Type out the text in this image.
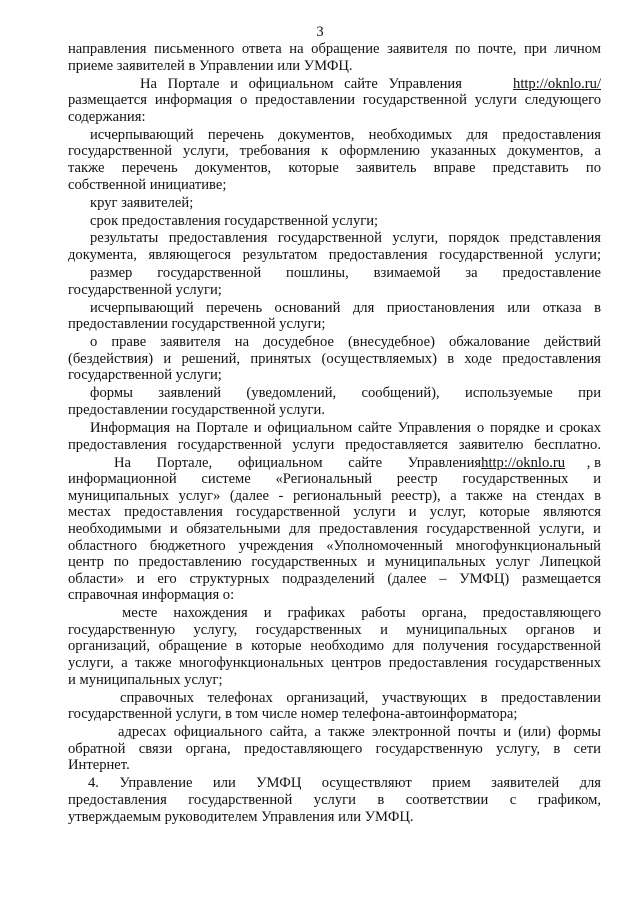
3
направления письменного ответа на обращение заявителя по почте, при личном
приеме заявителей в Управлении или УМФЦ.
На Портале и официальном сайте Управления	http://oknlo.ru/
размещается информация о предоставлении государственной услуги следующего
содержания:
исчерпывающий перечень документов, необходимых для предоставления
государственной услуги, требования к оформлению указанных документов, а
также перечень документов, которые заявитель вправе представить по
собственной инициативе;
круг заявителей;
срок предоставления государственной услуги;
результаты предоставления государственной услуги, порядок представления
документа, являющегося результатом предоставления государственной услуги;
размер государственной пошлины, взимаемой за предоставление
государственной услуги;
исчерпывающий перечень оснований для приостановления или отказа в
предоставлении государственной услуги;
о праве заявителя на досудебное (внесудебное) обжалование действий
(бездействия) и решений, принятых (осуществляемых) в ходе предоставления
государственной услуги;
формы заявлений (уведомлений, сообщений), используемые при
предоставлении государственной услуги.
Информация на Портале и официальном сайте Управления о порядке и сроках
предоставления государственной услуги предоставляется заявителю бесплатно.
На Портале, официальном сайте Управления http://oknlo.ru , в
информационной системе «Региональный реестр государственных и
муниципальных услуг» (далее - региональный реестр), а также на стендах в
местах предоставления государственной услуги и услуг, которые являются
необходимыми и обязательными для предоставления государственной услуги, и
областного бюджетного учреждения «Уполномоченный многофункциональный
центр по предоставлению государственных и муниципальных услуг Липецкой
области» и его структурных подразделений (далее – УМФЦ) размещается
справочная информация о:
месте нахождения и графиках работы органа, предоставляющего
государственную услугу, государственных и муниципальных органов и
организаций, обращение в которые необходимо для получения государственной
услуги, а также многофункциональных центров предоставления государственных
и муниципальных услуг;
справочных телефонах организаций, участвующих в предоставлении
государственной услуги, в том числе номер телефона-автоинформатора;
адресах официального сайта, а также электронной почты и (или) формы
обратной связи органа, предоставляющего государственную услугу, в сети
Интернет.
4. Управление или УМФЦ осуществляют прием заявителей для
предоставления государственной услуги в соответствии с графиком,
утверждаемым руководителем Управления или УМФЦ.
